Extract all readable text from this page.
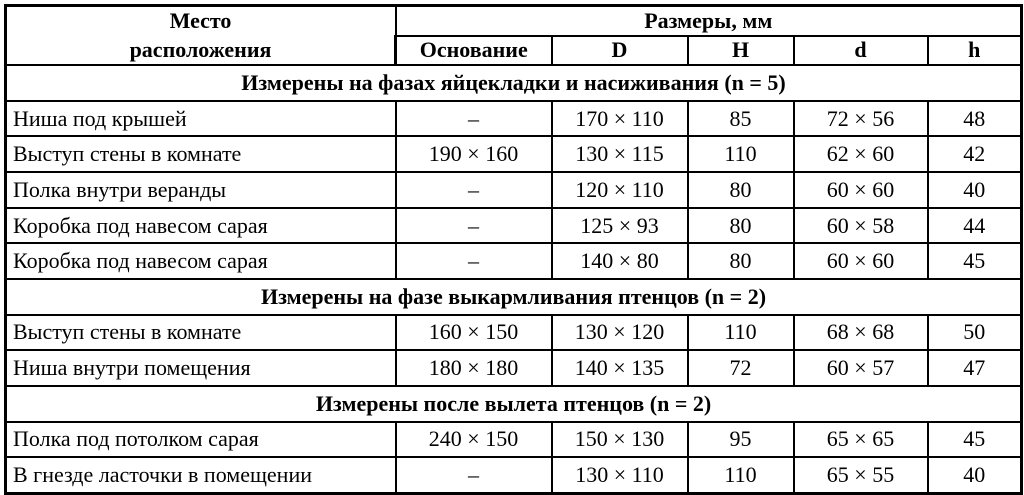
Место
расположения	Размеры, мм				
	Основание	D	H	d	h
Измерены на фазах яйцекладки и насиживания (n = 5)					
Ниша под крышей	–	170 × 110	85	72 × 56	48
Выступ стены в комнате	190 × 160	130 × 115	110	62 × 60	42
Полка внутри веранды	–	120 × 110	80	60 × 60	40
Коробка под навесом сарая	–	125 × 93	80	60 × 58	44
Коробка под навесом сарая	–	140 × 80	80	60 × 60	45
Измерены на фазе выкармливания птенцов (n = 2)					
Выступ стены в комнате	160 × 150	130 × 120	110	68 × 68	50
Ниша внутри помещения	180 × 180	140 × 135	72	60 × 57	47
Измерены после вылета птенцов (n = 2)					
Полка под потолком сарая	240 × 150	150 × 130	95	65 × 65	45
В гнезде ласточки в помещении	–	130 × 110	110	65 × 55	40
